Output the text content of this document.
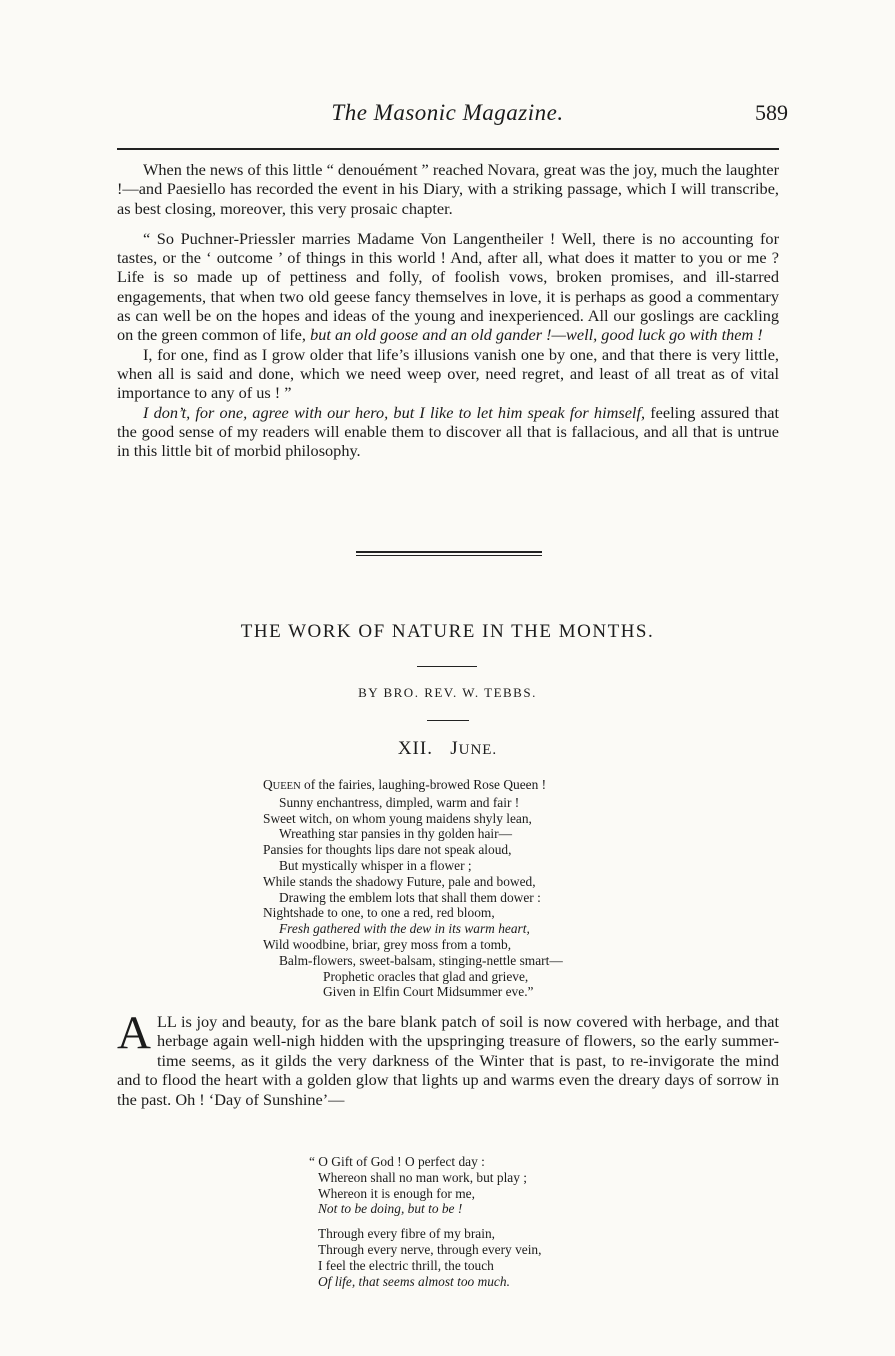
The Masonic Magazine.	589

When the news of this little “ denouément ” reached Novara, great was the joy, much the laughter !—and Paesiello has recorded the event in his Diary, with a striking passage, which I will transcribe, as best closing, moreover, this very prosaic chapter.

“ So Puchner-Priessler marries Madame Von Langentheiler ! Well, there is no accounting for tastes, or the ‘ outcome ’ of things in this world ! And, after all, what does it matter to you or me ? Life is so made up of pettiness and folly, of foolish vows, broken promises, and ill-starred engagements, that when two old geese fancy themselves in love, it is perhaps as good a commentary as can well be on the hopes and ideas of the young and inexperienced. All our goslings are cackling on the green common of life, but an old goose and an old gander !—well, good luck go with them !

I, for one, find as I grow older that life’s illusions vanish one by one, and that there is very little, when all is said and done, which we need weep over, need regret, and least of all treat as of vital importance to any of us ! ”

I don’t, for one, agree with our hero, but I like to let him speak for himself, feeling assured that the good sense of my readers will enable them to discover all that is fallacious, and all that is untrue in this little bit of morbid philosophy.

THE WORK OF NATURE IN THE MONTHS.
BY BRO. REV. W. TEBBS.
XII. JUNE.
QUEEN of the fairies, laughing-browed Rose Queen !
Sunny enchantress, dimpled, warm and fair !
Sweet witch, on whom young maidens shyly lean,
Wreathing star pansies in thy golden hair—
Pansies for thoughts lips dare not speak aloud,
But mystically whisper in a flower ;
While stands the shadowy Future, pale and bowed,
Drawing the emblem lots that shall them dower :
Nightshade to one, to one a red, red bloom,
Fresh gathered with the dew in its warm heart,
Wild woodbine, briar, grey moss from a tomb,
Balm-flowers, sweet-balsam, stinging-nettle smart—
Prophetic oracles that glad and grieve,
Given in Elfin Court Midsummer eve.”
ALL is joy and beauty, for as the bare blank patch of soil is now covered with herbage, and that herbage again well-nigh hidden with the upspringing treasure of flowers, so the early summer-time seems, as it gilds the very darkness of the Winter that is past, to re-invigorate the mind and to flood the heart with a golden glow that lights up and warms even the dreary days of sorrow in the past. Oh ! ‘Day of Sunshine’—
“ O Gift of God ! O perfect day :
Whereon shall no man work, but play ;
Whereon it is enough for me,
Not to be doing, but to be !
Through every fibre of my brain,
Through every nerve, through every vein,
I feel the electric thrill, the touch
Of life, that seems almost too much.
